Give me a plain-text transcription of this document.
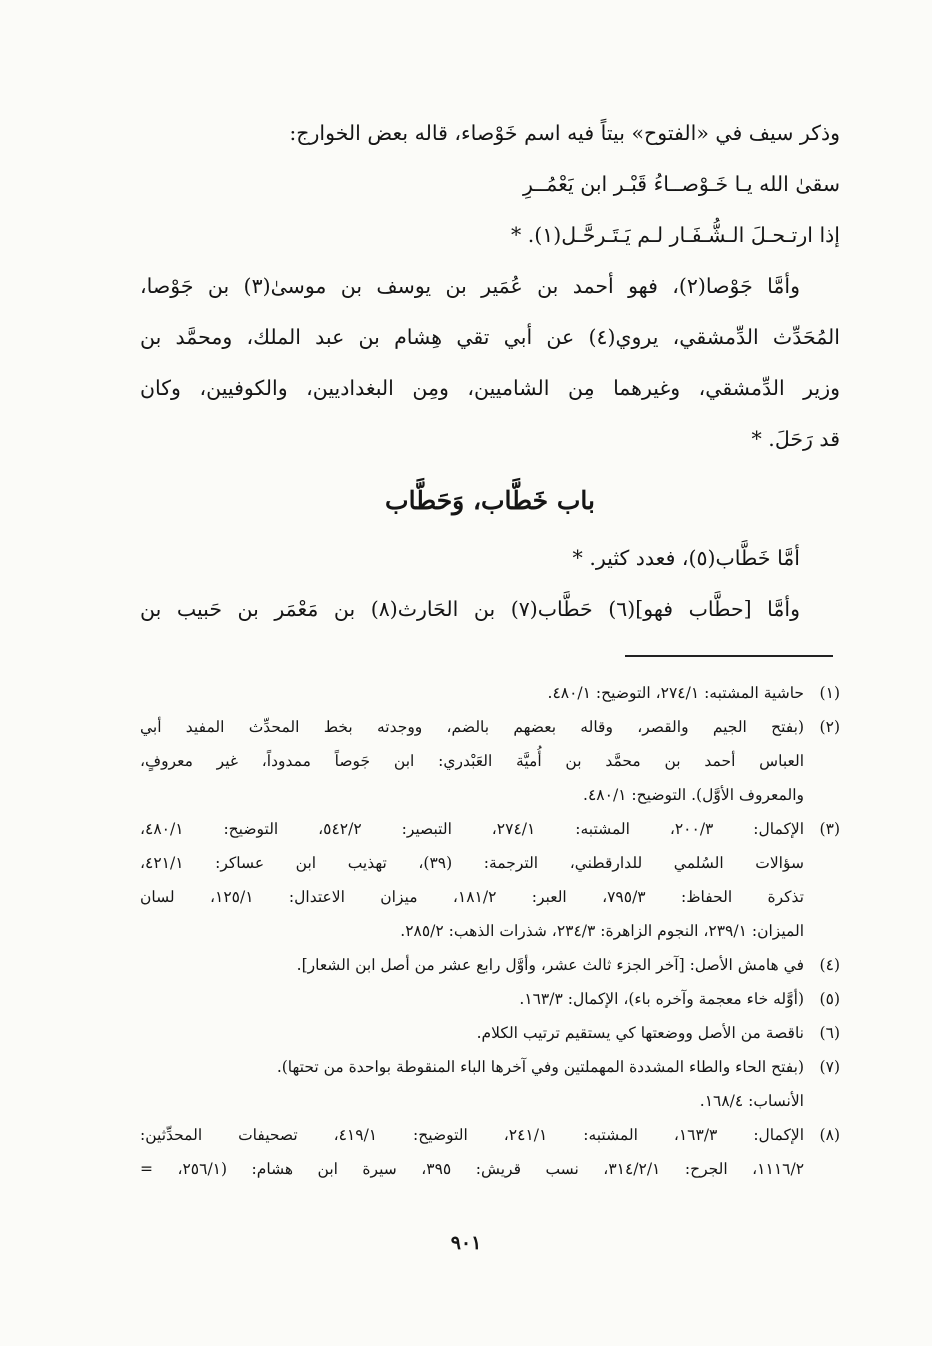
وذكر سيف في «الفتوح» بيتاً فيه اسم خَوْصاء، قاله بعض الخوارج:
سقىٰ الله يـا خَـوْصــاءُ قَبْـر ابن يَعْمُــرِ
إذا ارتـحـلَ الـشُّـفَـار لـم يَـتَـرحَّـل(١). *
وأمَّا جَوْصا(٢)، فهو أحمد بن عُمَير بن يوسف بن موسىٰ(٣) بن جَوْصا،
المُحَدِّث الدِّمشقي، يروي(٤) عن أبي تقي هِشام بن عبد الملك، ومحمَّد بن
وزير الدِّمشقي، وغيرهما مِن الشاميين، ومِن البغداديين، والكوفيين، وكان
قد رَحَلَ. *
باب خَطَّاب، وَحَطَّاب
أمَّا خَطَّاب(٥)، فعدد كثير. *
وأمَّا [حطَّاب فهو](٦) حَطَّاب(٧) بن الحَارث(٨) بن مَعْمَر بن حَبيب بن
(١)
حاشية المشتبه: ٢٧٤/١، التوضيح: ٤٨٠/١.
(٢)
(بفتح الجيم والقصر، وقاله بعضهم بالضم، ووجدته بخط المحدِّث المفيد أبي
العباس أحمد بن محمَّد بن أُميَّة العَبْدري: ابن جَوصاً ممدوداً، غير معروفٍ،
والمعروف الأوَّل). التوضيح: ٤٨٠/١.
(٣)
الإكمال: ٢٠٠/٣، المشتبه: ٢٧٤/١، التبصير: ٥٤٢/٢، التوضيح: ٤٨٠/١،
سؤالات السُلمي للدارقطني، الترجمة: (٣٩)، تهذيب ابن عساكر: ٤٢١/١،
تذكرة الحفاظ: ٧٩٥/٣، العبر: ١٨١/٢، ميزان الاعتدال: ١٢٥/١، لسان
الميزان: ٢٣٩/١، النجوم الزاهرة: ٢٣٤/٣، شذرات الذهب: ٢٨٥/٢.
(٤)
في هامش الأصل: [آخر الجزء ثالث عشر، وأوَّل رابع عشر من أصل ابن الشعار].
(٥)
(أوَّله خاء معجمة وآخره باء)، الإكمال: ١٦٣/٣.
(٦)
ناقصة من الأصل ووضعتها كي يستقيم ترتيب الكلام.
(٧)
(بفتح الحاء والطاء المشددة المهملتين وفي آخرها الباء المنقوطة بواحدة من تحتها).
الأنساب: ١٦٨/٤.
(٨)
الإكمال: ١٦٣/٣، المشتبه: ٢٤١/١، التوضيح: ٤١٩/١، تصحيفات المحدِّثين:
١١١٦/٢، الجرح: ٣١٤/٢/١، نسب قريش: ٣٩٥، سيرة ابن هشام: (٢٥٦/١، =
٩٠١
